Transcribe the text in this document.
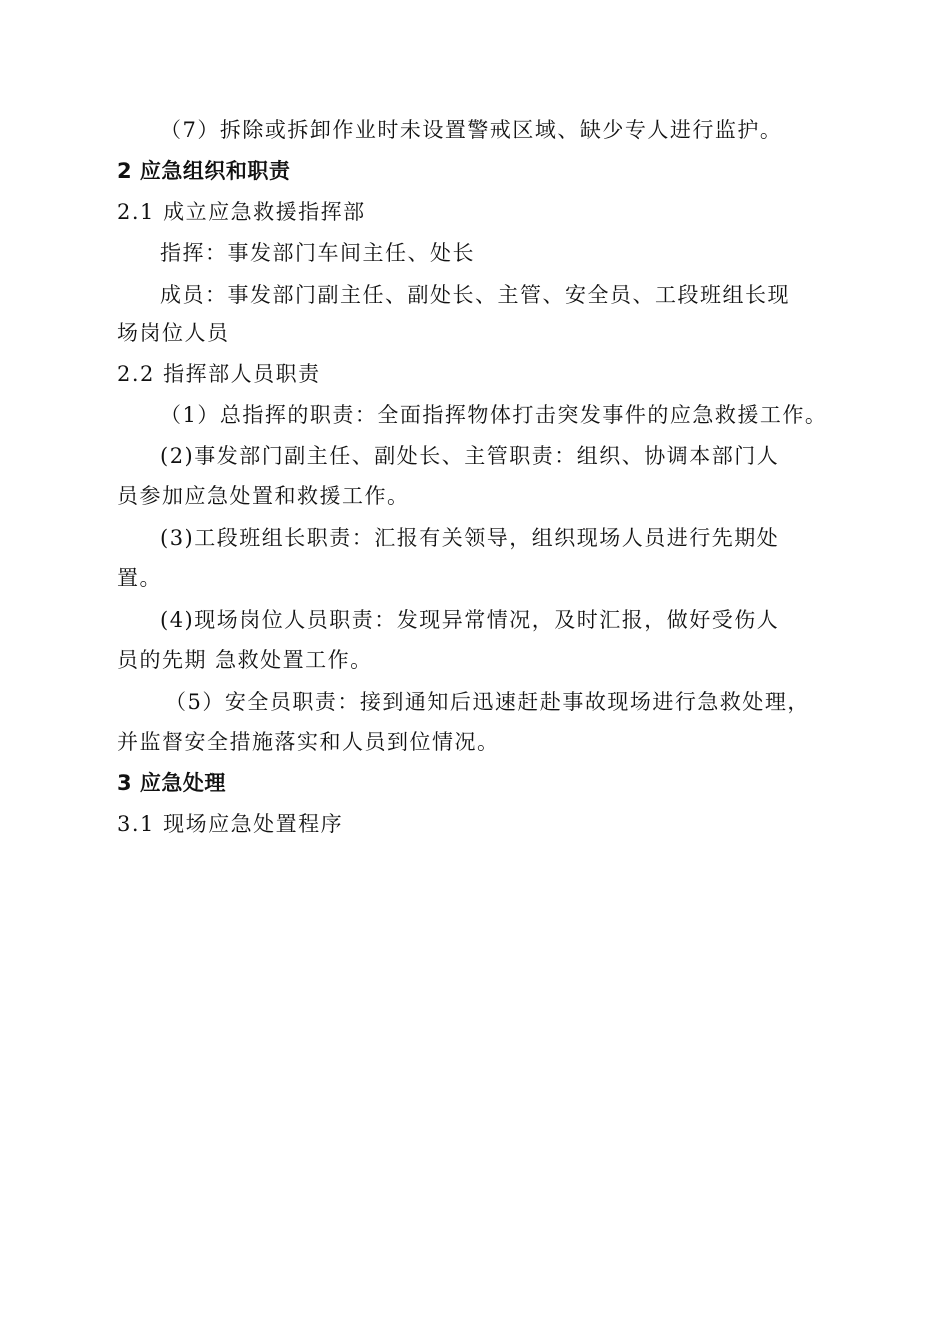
（7）拆除或拆卸作业时未设置警戒区域、缺少专人进行监护。
2 应急组织和职责
2.1 成立应急救援指挥部
指挥：事发部门车间主任、处长
成员：事发部门副主任、副处长、主管、安全员、工段班组长现
场岗位人员
2.2 指挥部人员职责
（1）总指挥的职责：全面指挥物体打击突发事件的应急救援工作。
(2)事发部门副主任、副处长、主管职责：组织、协调本部门人
员参加应急处置和救援工作。
(3)工段班组长职责：汇报有关领导，组织现场人员进行先期处
置。
(4)现场岗位人员职责：发现异常情况，及时汇报，做好受伤人
员的先期 急救处置工作。
（5）安全员职责：接到通知后迅速赶赴事故现场进行急救处理，
并监督安全措施落实和人员到位情况。
3 应急处理
3.1 现场应急处置程序
